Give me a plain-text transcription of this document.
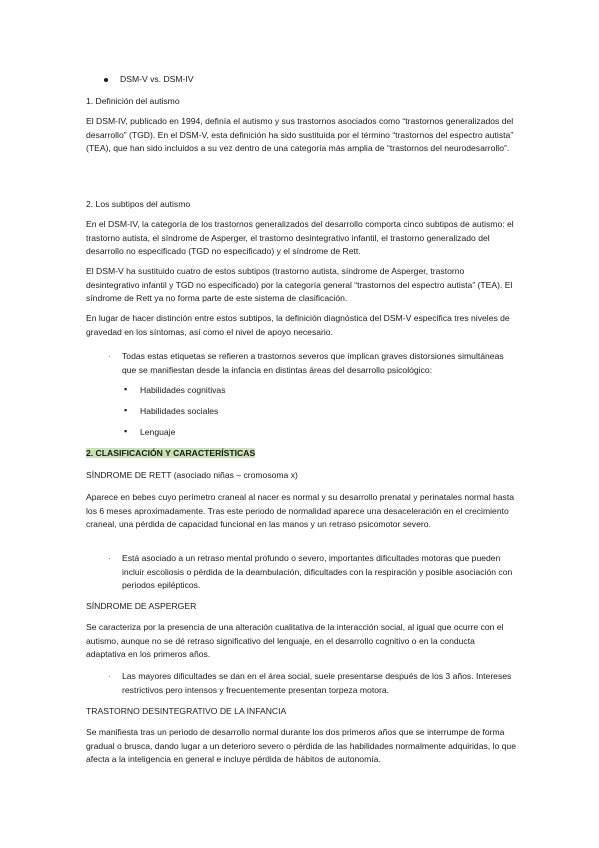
DSM-V vs. DSM-IV

1. Definición del autismo

El DSM-IV, publicado en 1994, definía el autismo y sus trastornos asociados como “trastornos generalizados del desarrollo” (TGD). En el DSM-V, esta definición ha sido sustituida por el término “trastornos del espectro autista” (TEA), que han sido incluidos a su vez dentro de una categoría más amplia de “trastornos del neurodesarrollo”.

2. Los subtipos del autismo

En el DSM-IV, la categoría de los trastornos generalizados del desarrollo comporta cinco subtipos de autismo: el trastorno autista, el síndrome de Asperger, el trastorno desintegrativo infantil, el trastorno generalizado del desarrollo no especificado (TGD no especificado) y el síndrome de Rett.

El DSM-V ha sustituido cuatro de estos subtipos (trastorno autista, síndrome de Asperger, trastorno desintegrativo infantil y TGD no especificado) por la categoría general “trastornos del espectro autista” (TEA). El síndrome de Rett ya no forma parte de este sistema de clasificación.

En lugar de hacer distinción entre estos subtipos, la definición diagnóstica del DSM-V especifica tres niveles de gravedad en los síntomas, así como el nivel de apoyo necesario.

· Todas estas etiquetas se refieren a trastornos severos que implican graves distorsiones simultáneas que se manifiestan desde la infancia en distintas áreas del desarrollo psicológico:
▪ Habilidades cognitivas
▪ Habilidades sociales
▪ Lenguaje

2. CLASIFICACIÓN Y CARACTERÍSTICAS

SÍNDROME DE RETT (asociado niñas – cromosoma x)

Aparece en bebes cuyo perímetro craneal al nacer es normal y su desarrollo prenatal y perinatales normal hasta los 6 meses aproximadamente. Tras este periodo de normalidad aparece una desaceleración en el crecimiento craneal, una pérdida de capacidad funcional en las manos y un retraso psicomotor severo.

· Está asociado a un retraso mental profundo o severo, importantes dificultades motoras que pueden incluir escoliosis o pérdida de la deambulación, dificultades con la respiración y posible asociación con periodos epilépticos.

SÍNDROME DE ASPERGER

Se caracteriza por la presencia de una alteración cualitativa de la interacción social, al igual que ocurre con el autismo, aunque no se dé retraso significativo del lenguaje, en el desarrollo cognitivo o en la conducta adaptativa en los primeros años.

· Las mayores dificultades se dan en el área social, suele presentarse después de los 3 años. Intereses restrictivos pero intensos y frecuentemente presentan torpeza motora.

TRASTORNO DESINTEGRATIVO DE LA INFANCIA

Se manifiesta tras un periodo de desarrollo normal durante los dos primeros años que se interrumpe de forma gradual o brusca, dando lugar a un deterioro severo o pérdida de las habilidades normalmente adquiridas, lo que afecta a la inteligencia en general e incluye pérdida de hábitos de autonomía.
